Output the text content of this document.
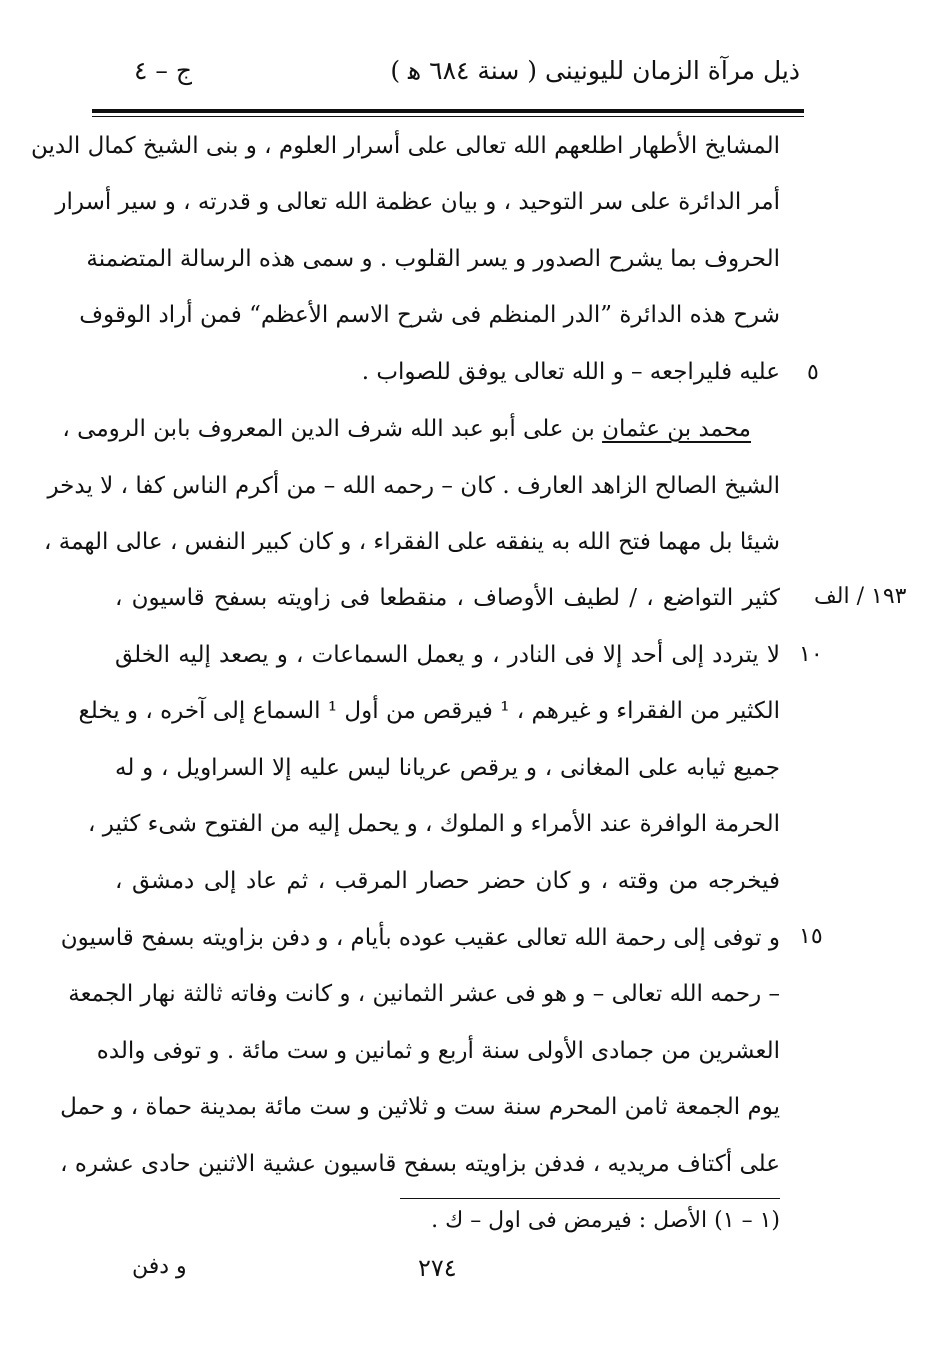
ذيل مرآة الزمان لليونينى ( سنة ٦٨٤ ﻫ )
ج – ٤
المشايخ الأطهار اطلعهم الله تعالى على أسرار العلوم ، و بنى الشيخ كمال الدين
أمر الدائرة على سر التوحيد ، و بيان عظمة الله تعالى و قدرته ، و سير أسرار
الحروف بما يشرح الصدور و يسر القلوب . و سمى هذه الرسالة المتضمنة
شرح هذه الدائرة ”الدر المنظم فى شرح الاسم الأعظم“ فمن أراد الوقوف
عليه فليراجعه – و الله تعالى يوفق للصواب .
محمد بن عثمان بن على أبو عبد الله شرف الدين المعروف بابن الرومى ،
الشيخ الصالح الزاهد العارف . كان – رحمه الله – من أكرم الناس كفا ، لا يدخر
شيئا بل مهما فتح الله به ينفقه على الفقراء ، و كان كبير النفس ، عالى الهمة ،
كثير التواضع ، / لطيف الأوصاف ، منقطعا فى زاويته بسفح قاسيون ،
لا يتردد إلى أحد إلا فى النادر ، و يعمل السماعات ، و يصعد إليه الخلق
الكثير من الفقراء و غيرهم ، ¹ فيرقص من أول ¹ السماع إلى آخره ، و يخلع
جميع ثيابه على المغانى ، و يرقص عريانا ليس عليه إلا السراويل ، و له
الحرمة الوافرة عند الأمراء و الملوك ، و يحمل إليه من الفتوح شىء كثير ،
فيخرجه من وقته ، و كان حضر حصار المرقب ، ثم عاد إلى دمشق ،
و توفى إلى رحمة الله تعالى عقيب عوده بأيام ، و دفن بزاويته بسفح قاسيون
– رحمه الله تعالى – و هو فى عشر الثمانين ، و كانت وفاته ثالثة نهار الجمعة
العشرين من جمادى الأولى سنة أربع و ثمانين و ست مائة . و توفى والده
يوم الجمعة ثامن المحرم سنة ست و ثلاثين و ست مائة بمدينة حماة ، و حمل
على أكتاف مريديه ، فدفن بزاويته بسفح قاسيون عشية الاثنين حادى عشره ،
٥
١٠
١٥
١٩٣ / الف
(١ – ١) الأصل : فيرمض فى اول – ك .
٢٧٤
و دفن
